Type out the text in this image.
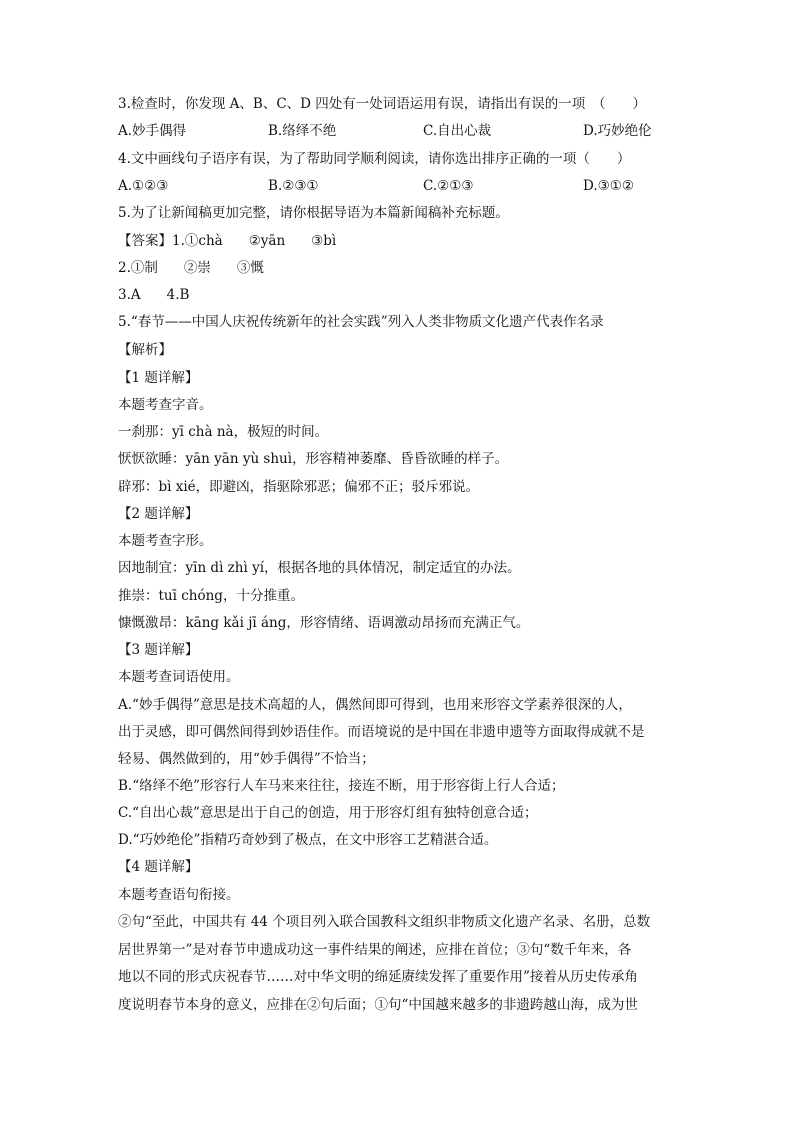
3.检查时，你发现 A、B、C、D 四处有一处词语运用有误，请指出有误的一项　（　　）
A.妙手偶得	B.络绎不绝	C.自出心裁	D.巧妙绝伦
4.文中画线句子语序有误，为了帮助同学顺利阅读，请你选出排序正确的一项（　　）
A.①②③	B.②③①	C.②①③	D.③①②
5.为了让新闻稿更加完整，请你根据导语为本篇新闻稿补充标题。
【答案】1.①chà ②yān ③bì
2.①制 ②崇 ③慨
3.A 4.B
5.“春节——中国人庆祝传统新年的社会实践”列入人类非物质文化遗产代表作名录
【解析】
【1 题详解】
本题考查字音。
一刹那：yī chà nà，极短的时间。
恹恹欲睡：yān yān yù shuì，形容精神萎靡、昏昏欲睡的样子。
辟邪：bì xié，即避凶，指驱除邪恶；偏邪不正；驳斥邪说。
【2 题详解】
本题考查字形。
因地制宜：yīn dì zhì yí，根据各地的具体情况，制定适宜的办法。
推崇：tuī chóng，十分推重。
慷慨激昂：kāng kǎi jī áng，形容情绪、语调激动昂扬而充满正气。
【3 题详解】
本题考查词语使用。
A.“妙手偶得”意思是技术高超的人，偶然间即可得到，也用来形容文学素养很深的人，
出于灵感，即可偶然间得到妙语佳作。而语境说的是中国在非遗申遗等方面取得成就不是
轻易、偶然做到的，用“妙手偶得”不恰当；
B.“络绎不绝”形容行人车马来来往往，接连不断，用于形容街上行人合适；
C.“自出心裁”意思是出于自己的创造，用于形容灯组有独特创意合适；
D.“巧妙绝伦”指精巧奇妙到了极点，在文中形容工艺精湛合适。
【4 题详解】
本题考查语句衔接。
②句“至此，中国共有 44 个项目列入联合国教科文组织非物质文化遗产名录、名册，总数
居世界第一”是对春节申遗成功这一事件结果的阐述，应排在首位；③句“数千年来，各
地以不同的形式庆祝春节……对中华文明的绵延赓续发挥了重要作用”接着从历史传承角
度说明春节本身的意义，应排在②句后面；①句“中国越来越多的非遗跨越山海，成为世
